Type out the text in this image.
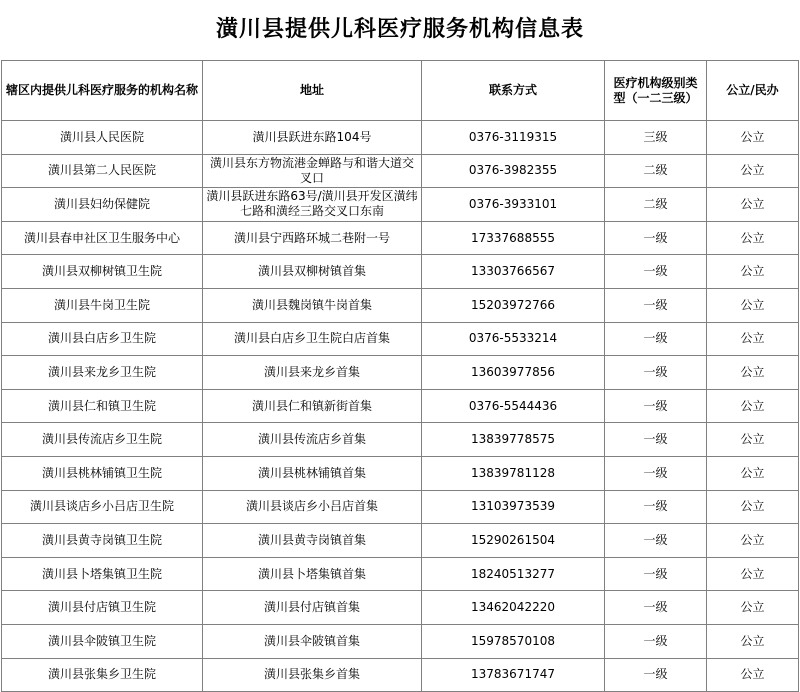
潢川县提供儿科医疗服务机构信息表
辖区内提供儿科医疗服务的机构名称	地址	联系方式	医疗机构级别类型（一二三级）	公立/民办
潢川县人民医院	潢川县跃进东路104号	0376-3119315	三级	公立
潢川县第二人民医院	潢川县东方物流港金蝉路与和谐大道交叉口	0376-3982355	二级	公立
潢川县妇幼保健院	潢川县跃进东路63号/潢川县开发区潢纬七路和潢经三路交叉口东南	0376-3933101	二级	公立
潢川县春申社区卫生服务中心	潢川县宁西路环城二巷附一号	17337688555	一级	公立
潢川县双柳树镇卫生院	潢川县双柳树镇首集	13303766567	一级	公立
潢川县牛岗卫生院	潢川县魏岗镇牛岗首集	15203972766	一级	公立
潢川县白店乡卫生院	潢川县白店乡卫生院白店首集	0376-5533214	一级	公立
潢川县来龙乡卫生院	潢川县来龙乡首集	13603977856	一级	公立
潢川县仁和镇卫生院	潢川县仁和镇新街首集	0376-5544436	一级	公立
潢川县传流店乡卫生院	潢川县传流店乡首集	13839778575	一级	公立
潢川县桃林铺镇卫生院	潢川县桃林铺镇首集	13839781128	一级	公立
潢川县谈店乡小吕店卫生院	潢川县谈店乡小吕店首集	13103973539	一级	公立
潢川县黄寺岗镇卫生院	潢川县黄寺岗镇首集	15290261504	一级	公立
潢川县卜塔集镇卫生院	潢川县卜塔集镇首集	18240513277	一级	公立
潢川县付店镇卫生院	潢川县付店镇首集	13462042220	一级	公立
潢川县伞陂镇卫生院	潢川县伞陂镇首集	15978570108	一级	公立
潢川县张集乡卫生院	潢川县张集乡首集	13783671747	一级	公立
